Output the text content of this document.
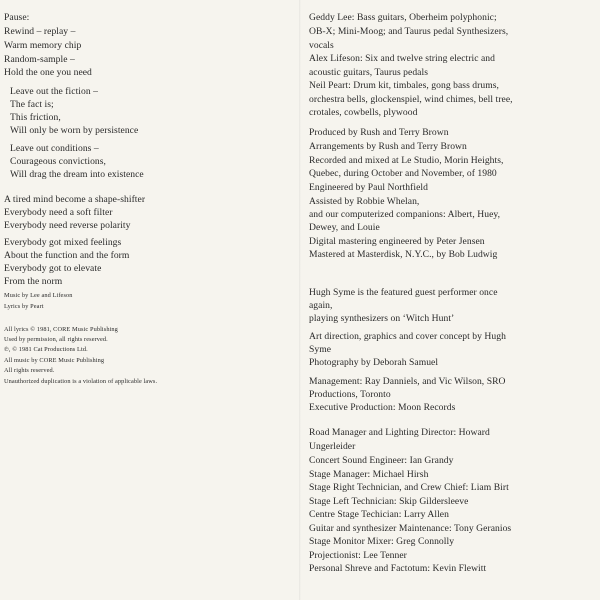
Pause:
Rewind – replay –
Warm memory chip
Random-sample –
Hold the one you need
Leave out the fiction –
The fact is;
This friction,
Will only be worn by persistence
Leave out conditions –
Courageous convictions,
Will drag the dream into existence
A tired mind become a shape-shifter
Everybody need a soft filter
Everybody need reverse polarity
Everybody got mixed feelings
About the function and the form
Everybody got to elevate
From the norm
Music by Lee and Lifeson
Lyrics by Peart
All lyrics © 1981, CORE Music Publishing
Used by permission, all rights reserved.
℗, © 1981 Cat Productions Ltd.
All music by CORE Music Publishing
All rights reserved.
Unauthorized duplication is a violation of applicable laws.
Geddy Lee: Bass guitars, Oberheim polyphonic;
OB-X; Mini-Moog; and Taurus pedal Synthesizers,
vocals
Alex Lifeson: Six and twelve string electric and
acoustic guitars, Taurus pedals
Neil Peart: Drum kit, timbales, gong bass drums,
orchestra bells, glockenspiel, wind chimes, bell tree,
crotales, cowbells, plywood
Produced by Rush and Terry Brown
Arrangements by Rush and Terry Brown
Recorded and mixed at Le Studio, Morin Heights,
Quebec, during October and November, of 1980
Engineered by Paul Northfield
Assisted by Robbie Whelan,
and our computerized companions: Albert, Huey,
Dewey, and Louie
Digital mastering engineered by Peter Jensen
Mastered at Masterdisk, N.Y.C., by Bob Ludwig
Hugh Syme is the featured guest performer once
again,
playing synthesizers on ‘Witch Hunt’
Art direction, graphics and cover concept by Hugh
Syme
Photography by Deborah Samuel
Management: Ray Danniels, and Vic Wilson, SRO
Productions, Toronto
Executive Production: Moon Records
Road Manager and Lighting Director: Howard
Ungerleider
Concert Sound Engineer: Ian Grandy
Stage Manager: Michael Hirsh
Stage Right Technician, and Crew Chief: Liam Birt
Stage Left Technician: Skip Gildersleeve
Centre Stage Techician: Larry Allen
Guitar and synthesizer Maintenance: Tony Geranios
Stage Monitor Mixer: Greg Connolly
Projectionist: Lee Tenner
Personal Shreve and Factotum: Kevin Flewitt
